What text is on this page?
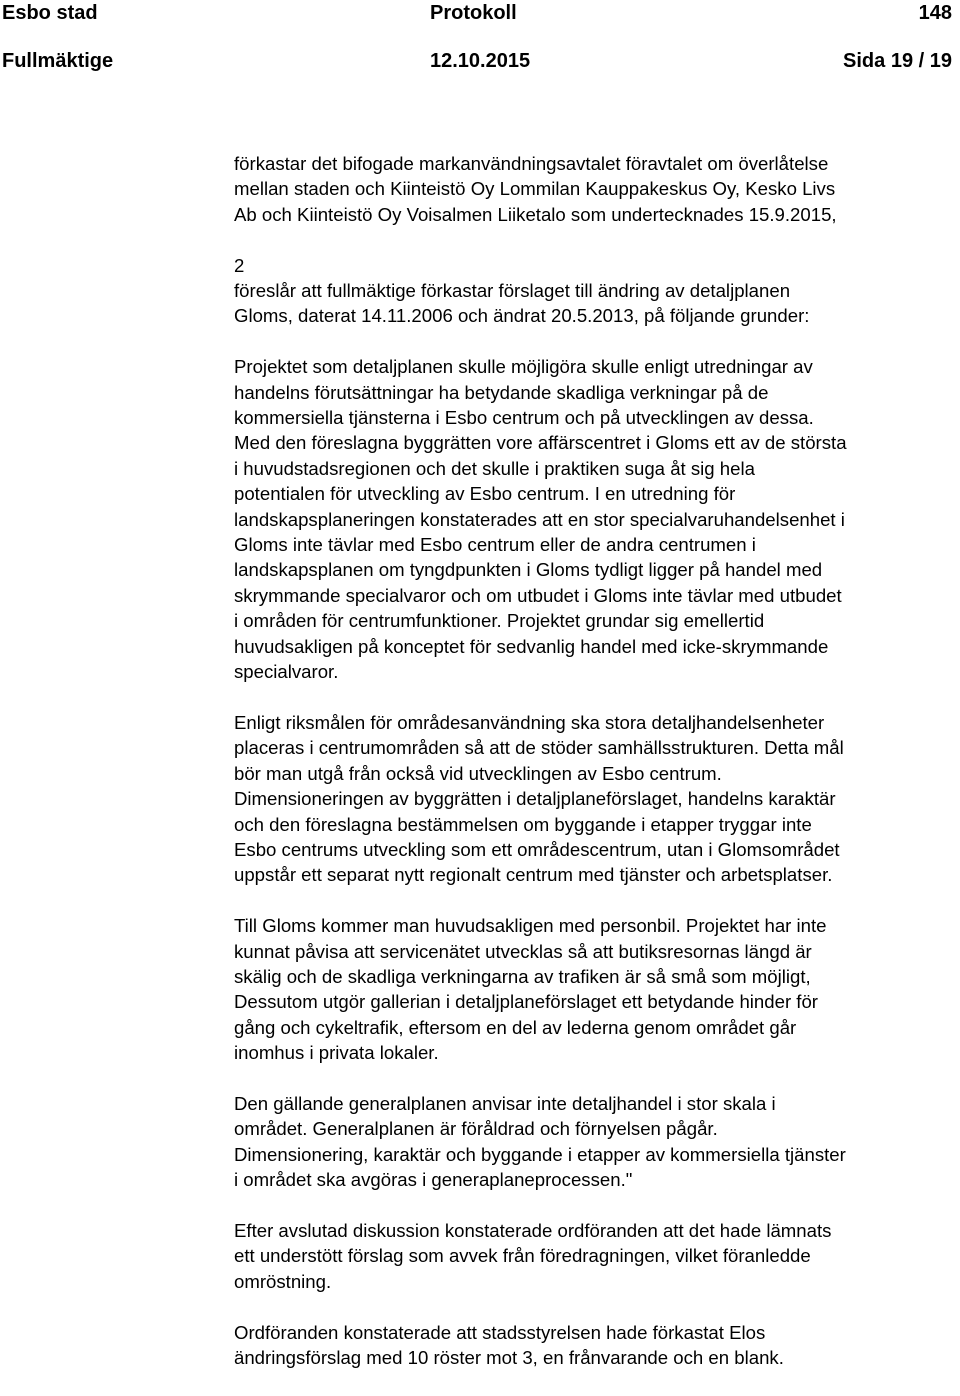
Esbo stad	Protokoll	148
Fullmäktige	12.10.2015	Sida 19 / 19

förkastar det bifogade markanvändningsavtalet föravtalet om överlåtelse
mellan staden och Kiinteistö Oy Lommilan Kauppakeskus Oy, Kesko Livs
Ab och Kiinteistö Oy Voisalmen Liiketalo som undertecknades 15.9.2015,

2
föreslår att fullmäktige förkastar förslaget till ändring av detaljplanen
Gloms, daterat 14.11.2006 och ändrat 20.5.2013, på följande grunder:

Projektet som detaljplanen skulle möjligöra skulle enligt utredningar av
handelns förutsättningar ha betydande skadliga verkningar på de
kommersiella tjänsterna i Esbo centrum och på utvecklingen av dessa.
Med den föreslagna byggrätten vore affärscentret i Gloms ett av de största
i huvudstadsregionen och det skulle i praktiken suga åt sig hela
potentialen för utveckling av Esbo centrum. I en utredning för
landskapsplaneringen konstaterades att en stor specialvaruhandelsenhet i
Gloms inte tävlar med Esbo centrum eller de andra centrumen i
landskapsplanen om tyngdpunkten i Gloms tydligt ligger på handel med
skrymmande specialvaror och om utbudet i Gloms inte tävlar med utbudet
i områden för centrumfunktioner. Projektet grundar sig emellertid
huvudsakligen på konceptet för sedvanlig handel med icke-skrymmande
specialvaror.

Enligt riksmålen för områdesanvändning ska stora detaljhandelsenheter
placeras i centrumområden så att de stöder samhällsstrukturen. Detta mål
bör man utgå från också vid utvecklingen av Esbo centrum.
Dimensioneringen av byggrätten i detaljplaneförslaget, handelns karaktär
och den föreslagna bestämmelsen om byggande i etapper tryggar inte
Esbo centrums utveckling som ett områdescentrum, utan i Glomsområdet
uppstår ett separat nytt regionalt centrum med tjänster och arbetsplatser.

Till Gloms kommer man huvudsakligen med personbil. Projektet har inte
kunnat påvisa att servicenätet utvecklas så att butiksresornas längd är
skälig och de skadliga verkningarna av trafiken är så små som möjligt,
Dessutom utgör gallerian i detaljplaneförslaget ett betydande hinder för
gång och cykeltrafik, eftersom en del av lederna genom området går
inomhus i privata lokaler.

Den gällande generalplanen anvisar inte detaljhandel i stor skala i
området. Generalplanen är föråldrad och förnyelsen pågår.
Dimensionering, karaktär och byggande i etapper av kommersiella tjänster
i området ska avgöras i generaplaneprocessen."

Efter avslutad diskussion konstaterade ordföranden att det hade lämnats
ett understött förslag som avvek från föredragningen, vilket föranledde
omröstning.

Ordföranden konstaterade att stadsstyrelsen hade förkastat Elos
ändringsförslag med 10 röster mot 3, en frånvarande och en blank.
